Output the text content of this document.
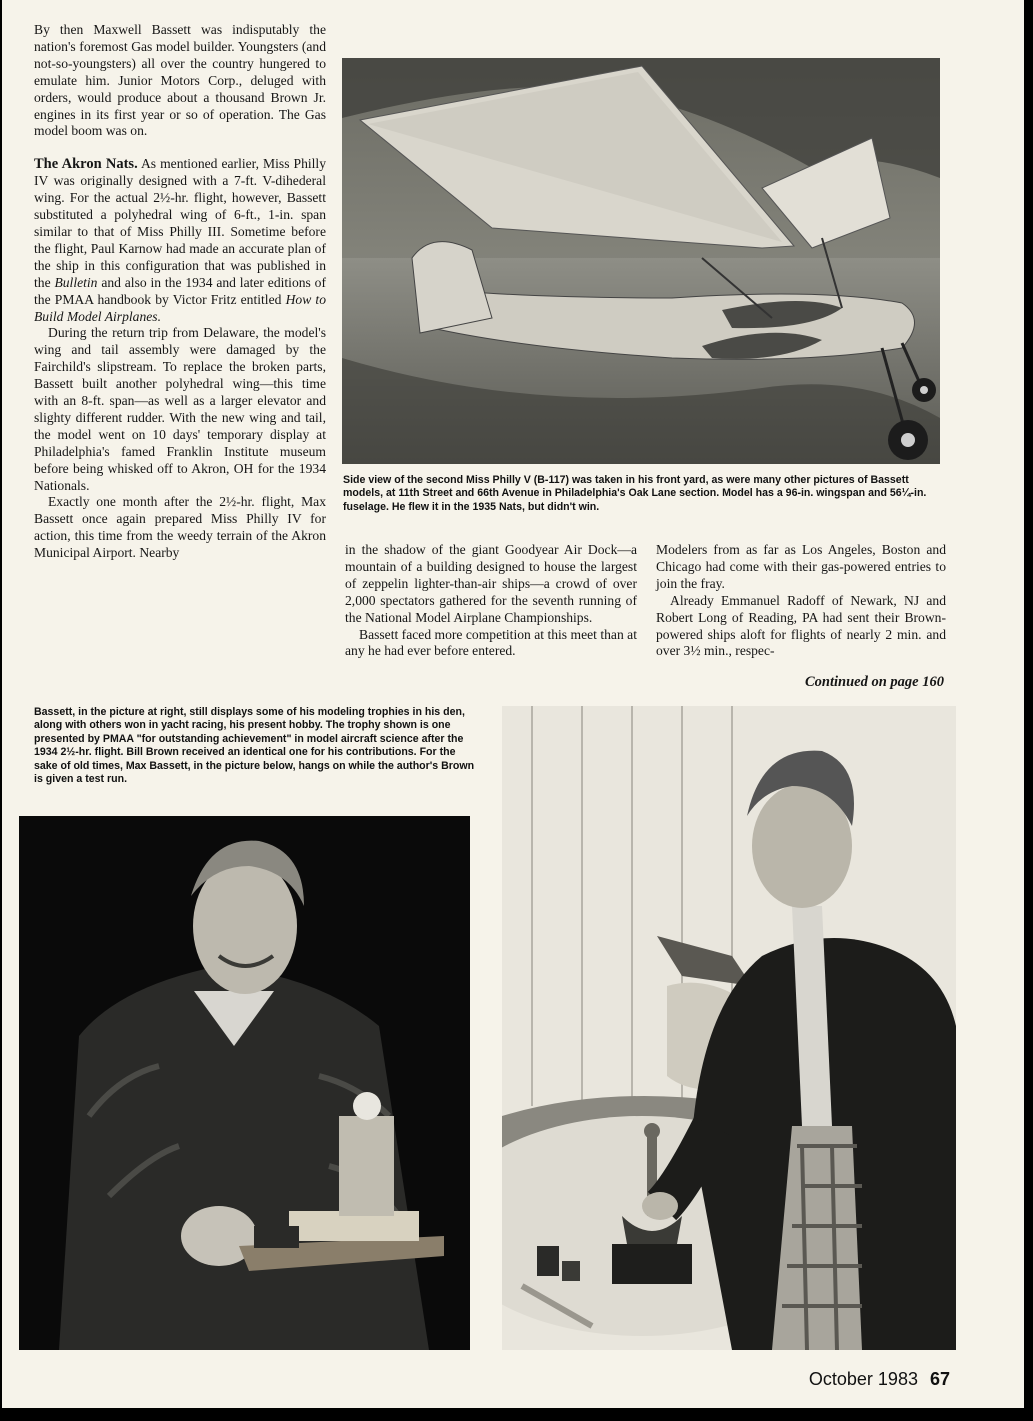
By then Maxwell Bassett was indisputably the nation's foremost Gas model builder. Youngsters (and not-so-youngsters) all over the country hungered to emulate him. Junior Motors Corp., deluged with orders, would produce about a thousand Brown Jr. engines in its first year or so of operation. The Gas model boom was on.

The Akron Nats. As mentioned earlier, Miss Philly IV was originally designed with a 7-ft. V-dihederal wing. For the actual 2½-hr. flight, however, Bassett substituted a polyhedral wing of 6-ft., 1-in. span similar to that of Miss Philly III. Sometime before the flight, Paul Karnow had made an accurate plan of the ship in this configuration that was published in the Bulletin and also in the 1934 and later editions of the PMAA handbook by Victor Fritz entitled How to Build Model Airplanes.

During the return trip from Delaware, the model's wing and tail assembly were damaged by the Fairchild's slipstream. To replace the broken parts, Bassett built another polyhedral wing—this time with an 8-ft. span—as well as a larger elevator and slighty different rudder. With the new wing and tail, the model went on 10 days' temporary display at Philadelphia's famed Franklin Institute museum before being whisked off to Akron, OH for the 1934 Nationals.

Exactly one month after the 2½-hr. flight, Max Bassett once again prepared Miss Philly IV for action, this time from the weedy terrain of the Akron Municipal Airport. Nearby

Side view of the second Miss Philly V (B-117) was taken in his front yard, as were many other pictures of Bassett models, at 11th Street and 66th Avenue in Philadelphia's Oak Lane section. Model has a 96-in. wingspan and 56¼-in. fuselage. He flew it in the 1935 Nats, but didn't win.

in the shadow of the giant Goodyear Air Dock—a mountain of a building designed to house the largest of zeppelin lighter-than-air ships—a crowd of over 2,000 spectators gathered for the seventh running of the National Model Airplane Championships.

Bassett faced more competition at this meet than at any he had ever before entered.

Modelers from as far as Los Angeles, Boston and Chicago had come with their gas-powered entries to join the fray.

Already Emmanuel Radoff of Newark, NJ and Robert Long of Reading, PA had sent their Brown-powered ships aloft for flights of nearly 2 min. and over 3½ min., respec-

Continued on page 160
Bassett, in the picture at right, still displays some of his modeling trophies in his den, along with others won in yacht racing, his present hobby. The trophy shown is one presented by PMAA "for outstanding achievement" in model aircraft science after the 1934 2½-hr. flight. Bill Brown received an identical one for his contributions. For the sake of old times, Max Bassett, in the picture below, hangs on while the author's Brown is given a test run.
October 1983 67
